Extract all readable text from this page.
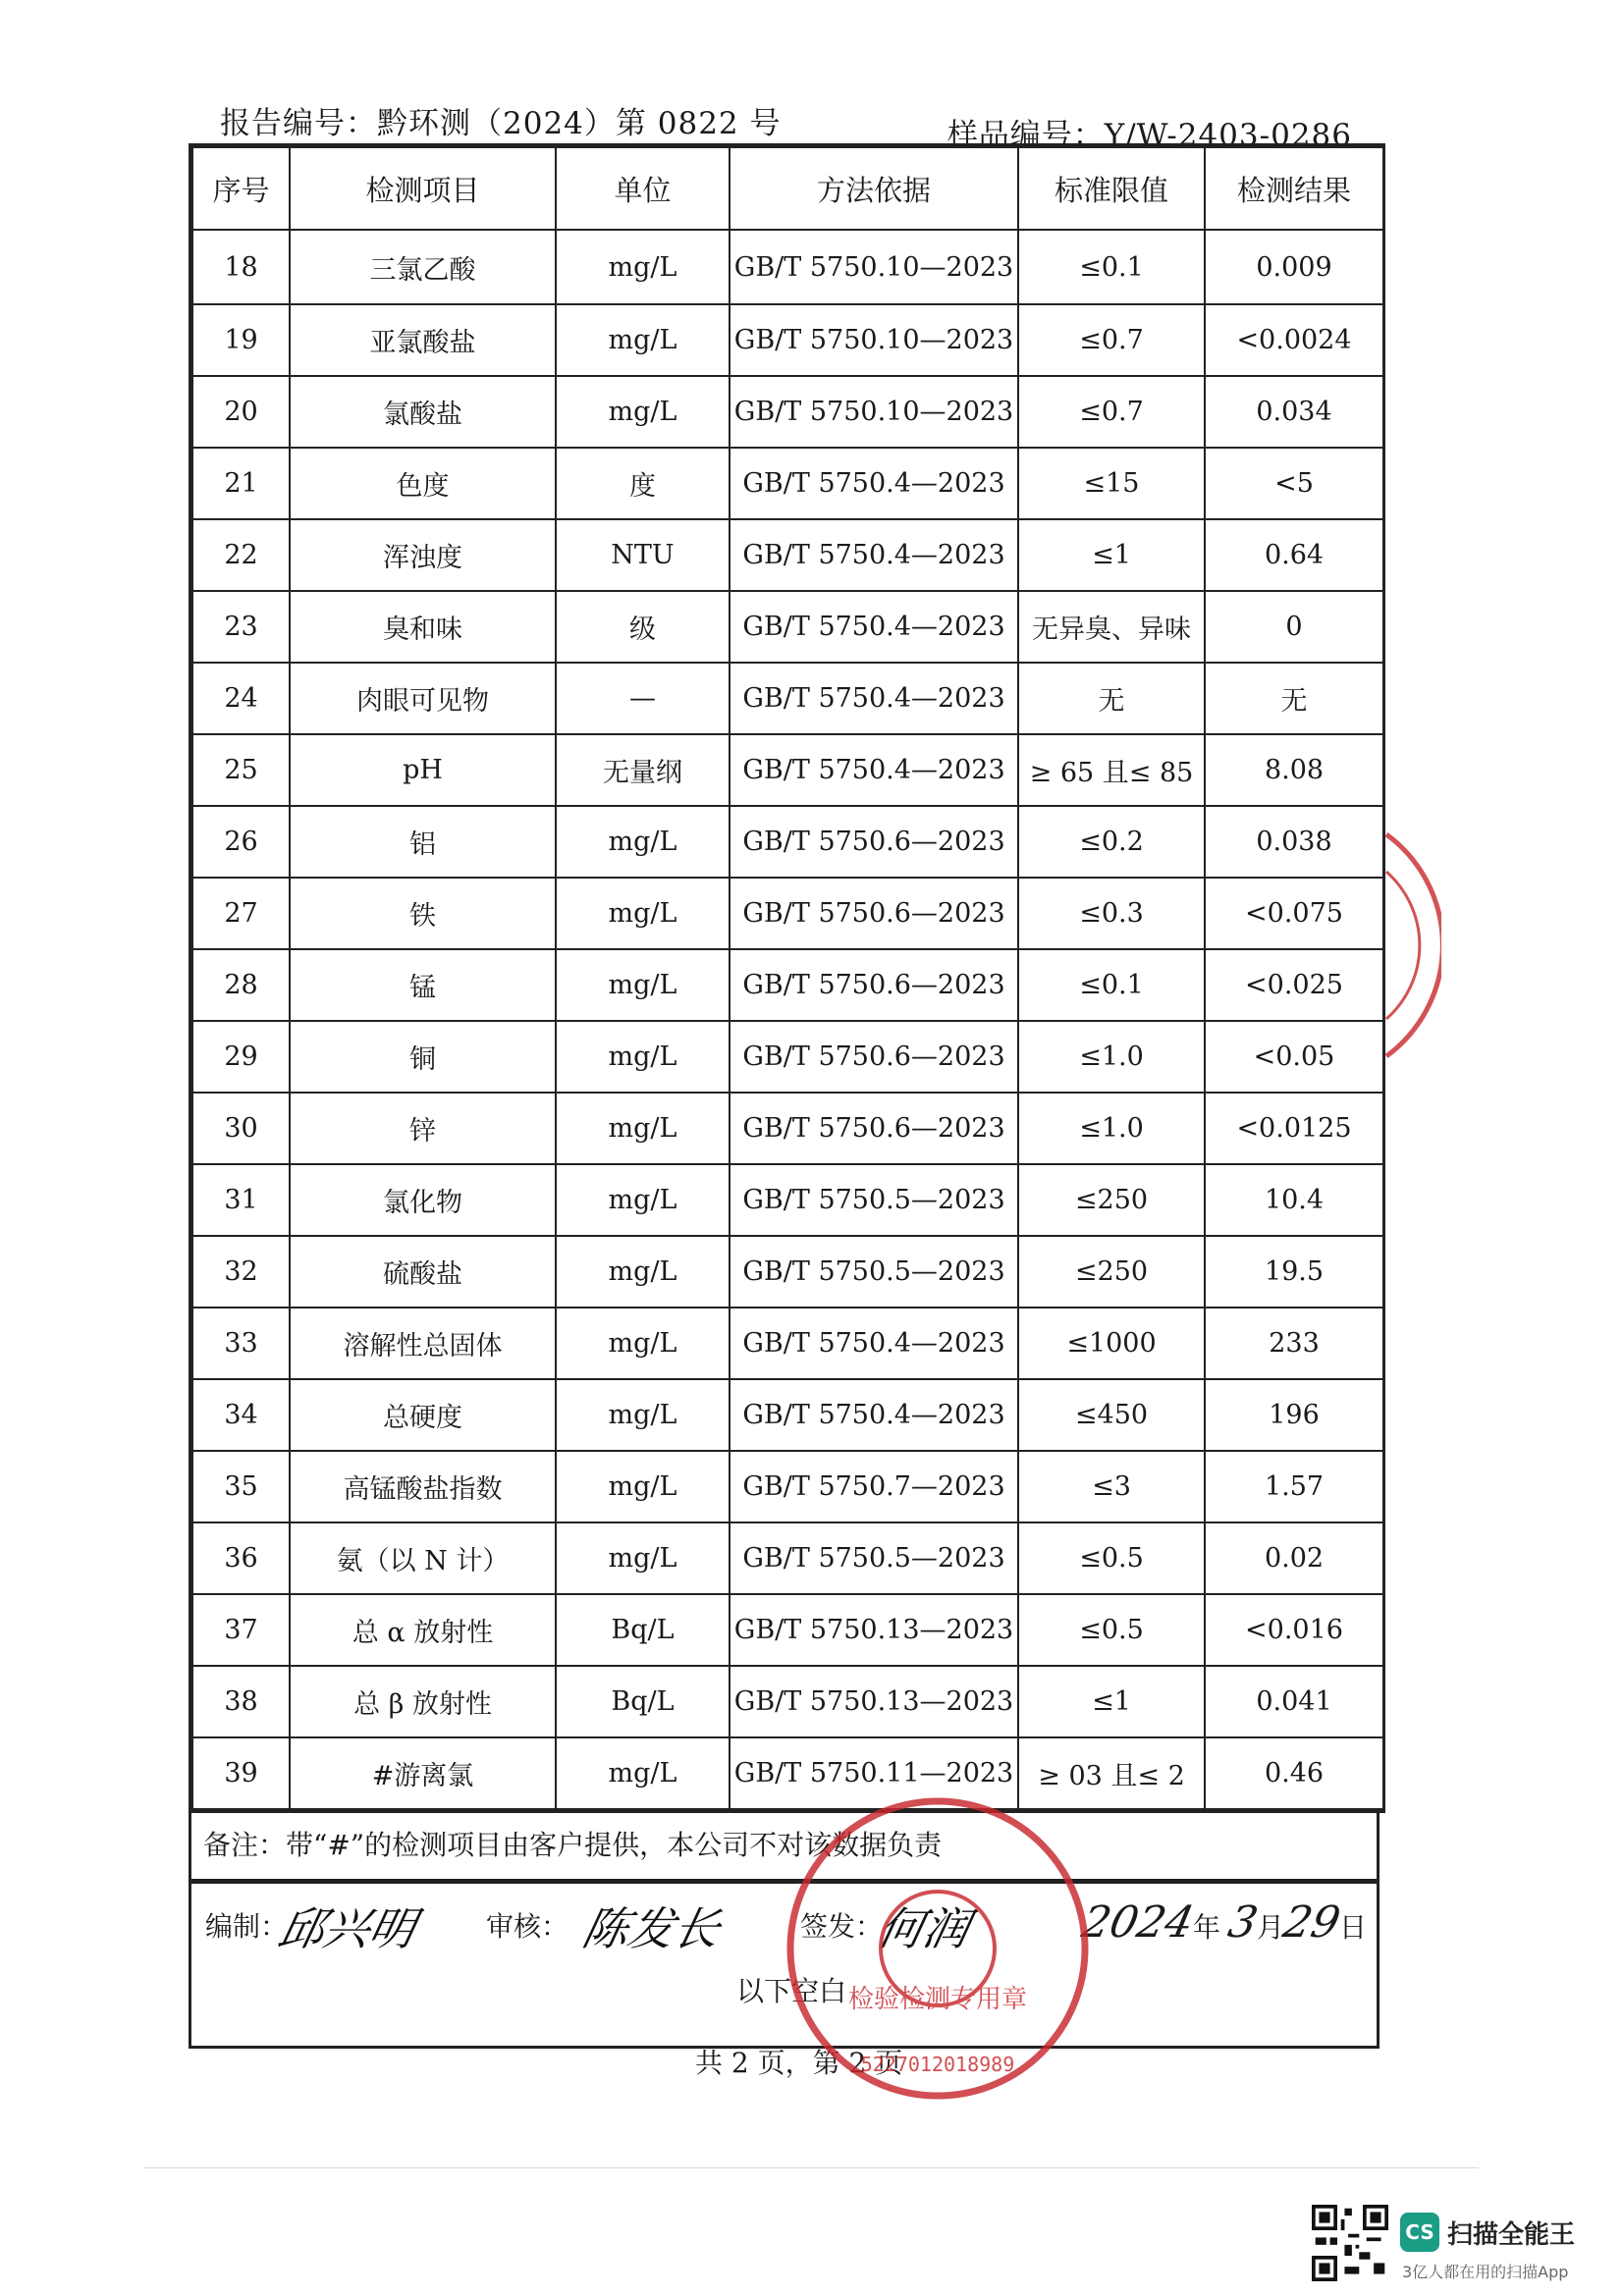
报告编号：黔环测（2024）第 0822 号	样品编号：Y/W-2403-0286
序号	检测项目	单位	方法依据	标准限值	检测结果
18	三氯乙酸	mg/L	GB/T 5750.10—2023	≤0.1	0.009
19	亚氯酸盐	mg/L	GB/T 5750.10—2023	≤0.7	<0.0024
20	氯酸盐	mg/L	GB/T 5750.10—2023	≤0.7	0.034
21	色度	度	GB/T 5750.4—2023	≤15	<5
22	浑浊度	NTU	GB/T 5750.4—2023	≤1	0.64
23	臭和味	级	GB/T 5750.4—2023	无异臭、异味	0
24	肉眼可见物	—	GB/T 5750.4—2023	无	无
25	pH	无量纲	GB/T 5750.4—2023	≥ 65 且≤ 85	8.08
26	铝	mg/L	GB/T 5750.6—2023	≤0.2	0.038
27	铁	mg/L	GB/T 5750.6—2023	≤0.3	<0.075
28	锰	mg/L	GB/T 5750.6—2023	≤0.1	<0.025
29	铜	mg/L	GB/T 5750.6—2023	≤1.0	<0.05
30	锌	mg/L	GB/T 5750.6—2023	≤1.0	<0.0125
31	氯化物	mg/L	GB/T 5750.5—2023	≤250	10.4
32	硫酸盐	mg/L	GB/T 5750.5—2023	≤250	19.5
33	溶解性总固体	mg/L	GB/T 5750.4—2023	≤1000	233
34	总硬度	mg/L	GB/T 5750.4—2023	≤450	196
35	高锰酸盐指数	mg/L	GB/T 5750.7—2023	≤3	1.57
36	氨（以 N 计）	mg/L	GB/T 5750.5—2023	≤0.5	0.02
37	总 α 放射性	Bq/L	GB/T 5750.13—2023	≤0.5	<0.016
38	总 β 放射性	Bq/L	GB/T 5750.13—2023	≤1	0.041
39	#游离氯	mg/L	GB/T 5750.11—2023	≥ 03 且≤ 2	0.46
备注：带“#”的检测项目由客户提供，本公司不对该数据负责
编制：
邱兴明 审核： 陈发长	签发：
何润 2024年 3月29日
以下空白
共 2 页，第 2 页
检验检测专用章
5227012018989
CS 扫描全能王
3亿人都在用的扫描App
